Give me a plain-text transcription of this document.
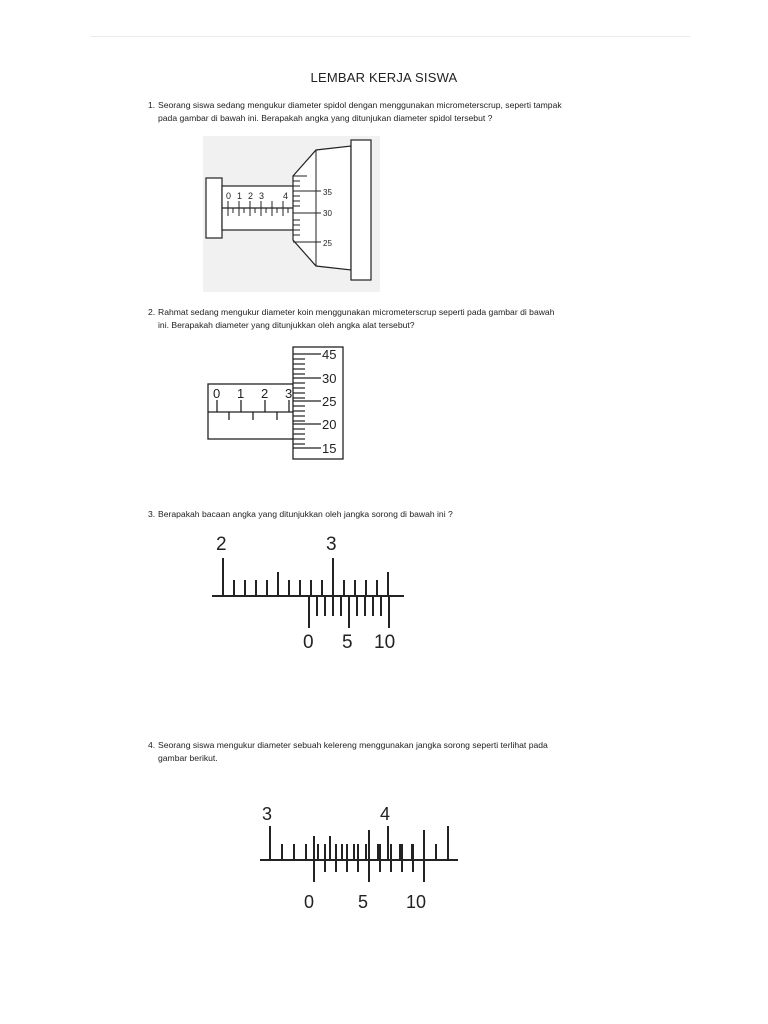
LEMBAR KERJA SISWA
1. Seorang siswa sedang mengukur diameter spidol dengan menggunakan micrometerscrup, seperti tampak
pada gambar di bawah ini. Berapakah angka yang ditunjukan diameter spidol tersebut ?
0 1 2 3 4	35
30
25
2. Rahmat sedang mengukur diameter koin menggunakan micrometerscrup seperti pada gambar di bawah
ini. Berapakah diameter yang ditunjukkan oleh angka alat tersebut?
0 1 2 3
45
30
25
20
15
3. Berapakah bacaan angka yang ditunjukkan oleh jangka sorong di bawah ini ?
2	3
0 5 10
4. Seorang siswa mengukur diameter sebuah kelereng menggunakan jangka sorong seperti terlihat pada
gambar berikut.
3	4
0 5 10
